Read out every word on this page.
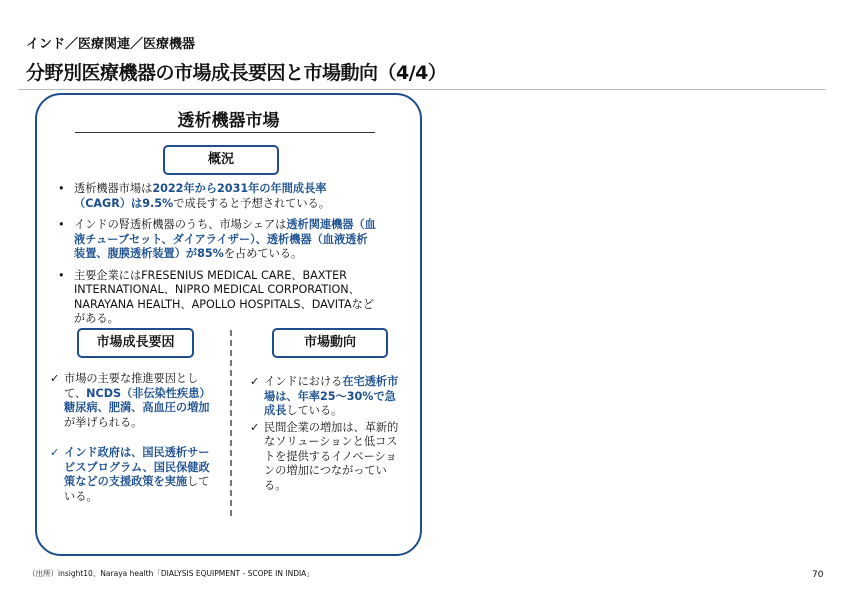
インド／医療関連／医療機器
分野別医療機器の市場成長要因と市場動向（4/4）
透析機器市場
概況
• 透析機器市場は2022年から2031年の年間成長率（CAGR）は9.5%で成長すると予想されている。
• インドの腎透析機器のうち、市場シェアは透析関連機器（血液チューブセット、ダイアライザー）、透析機器（血液透析装置、腹膜透析装置）が85%を占めている。
• 主要企業にはFRESENIUS MEDICAL CARE、BAXTER INTERNATIONAL、NIPRO MEDICAL CORPORATION、NARAYANA HEALTH、APOLLO HOSPITALS、DAVITAなどがある。
市場成長要因	市場動向
✓ 市場の主要な推進要因として、NCDS（非伝染性疾患）糖尿病、肥満、高血圧の増加が挙げられる。
✓ インド政府は、国民透析サービスプログラム、国民保健政策などの支援政策を実施している。
✓ インドにおける在宅透析市場は、年率25～30%で急成長している。
✓ 民間企業の増加は、革新的なソリューションと低コストを提供するイノベーションの増加につながっている。
（出所）insight10、Naraya health「DIALYSIS EQUIPMENT - SCOPE IN INDIA」	70
